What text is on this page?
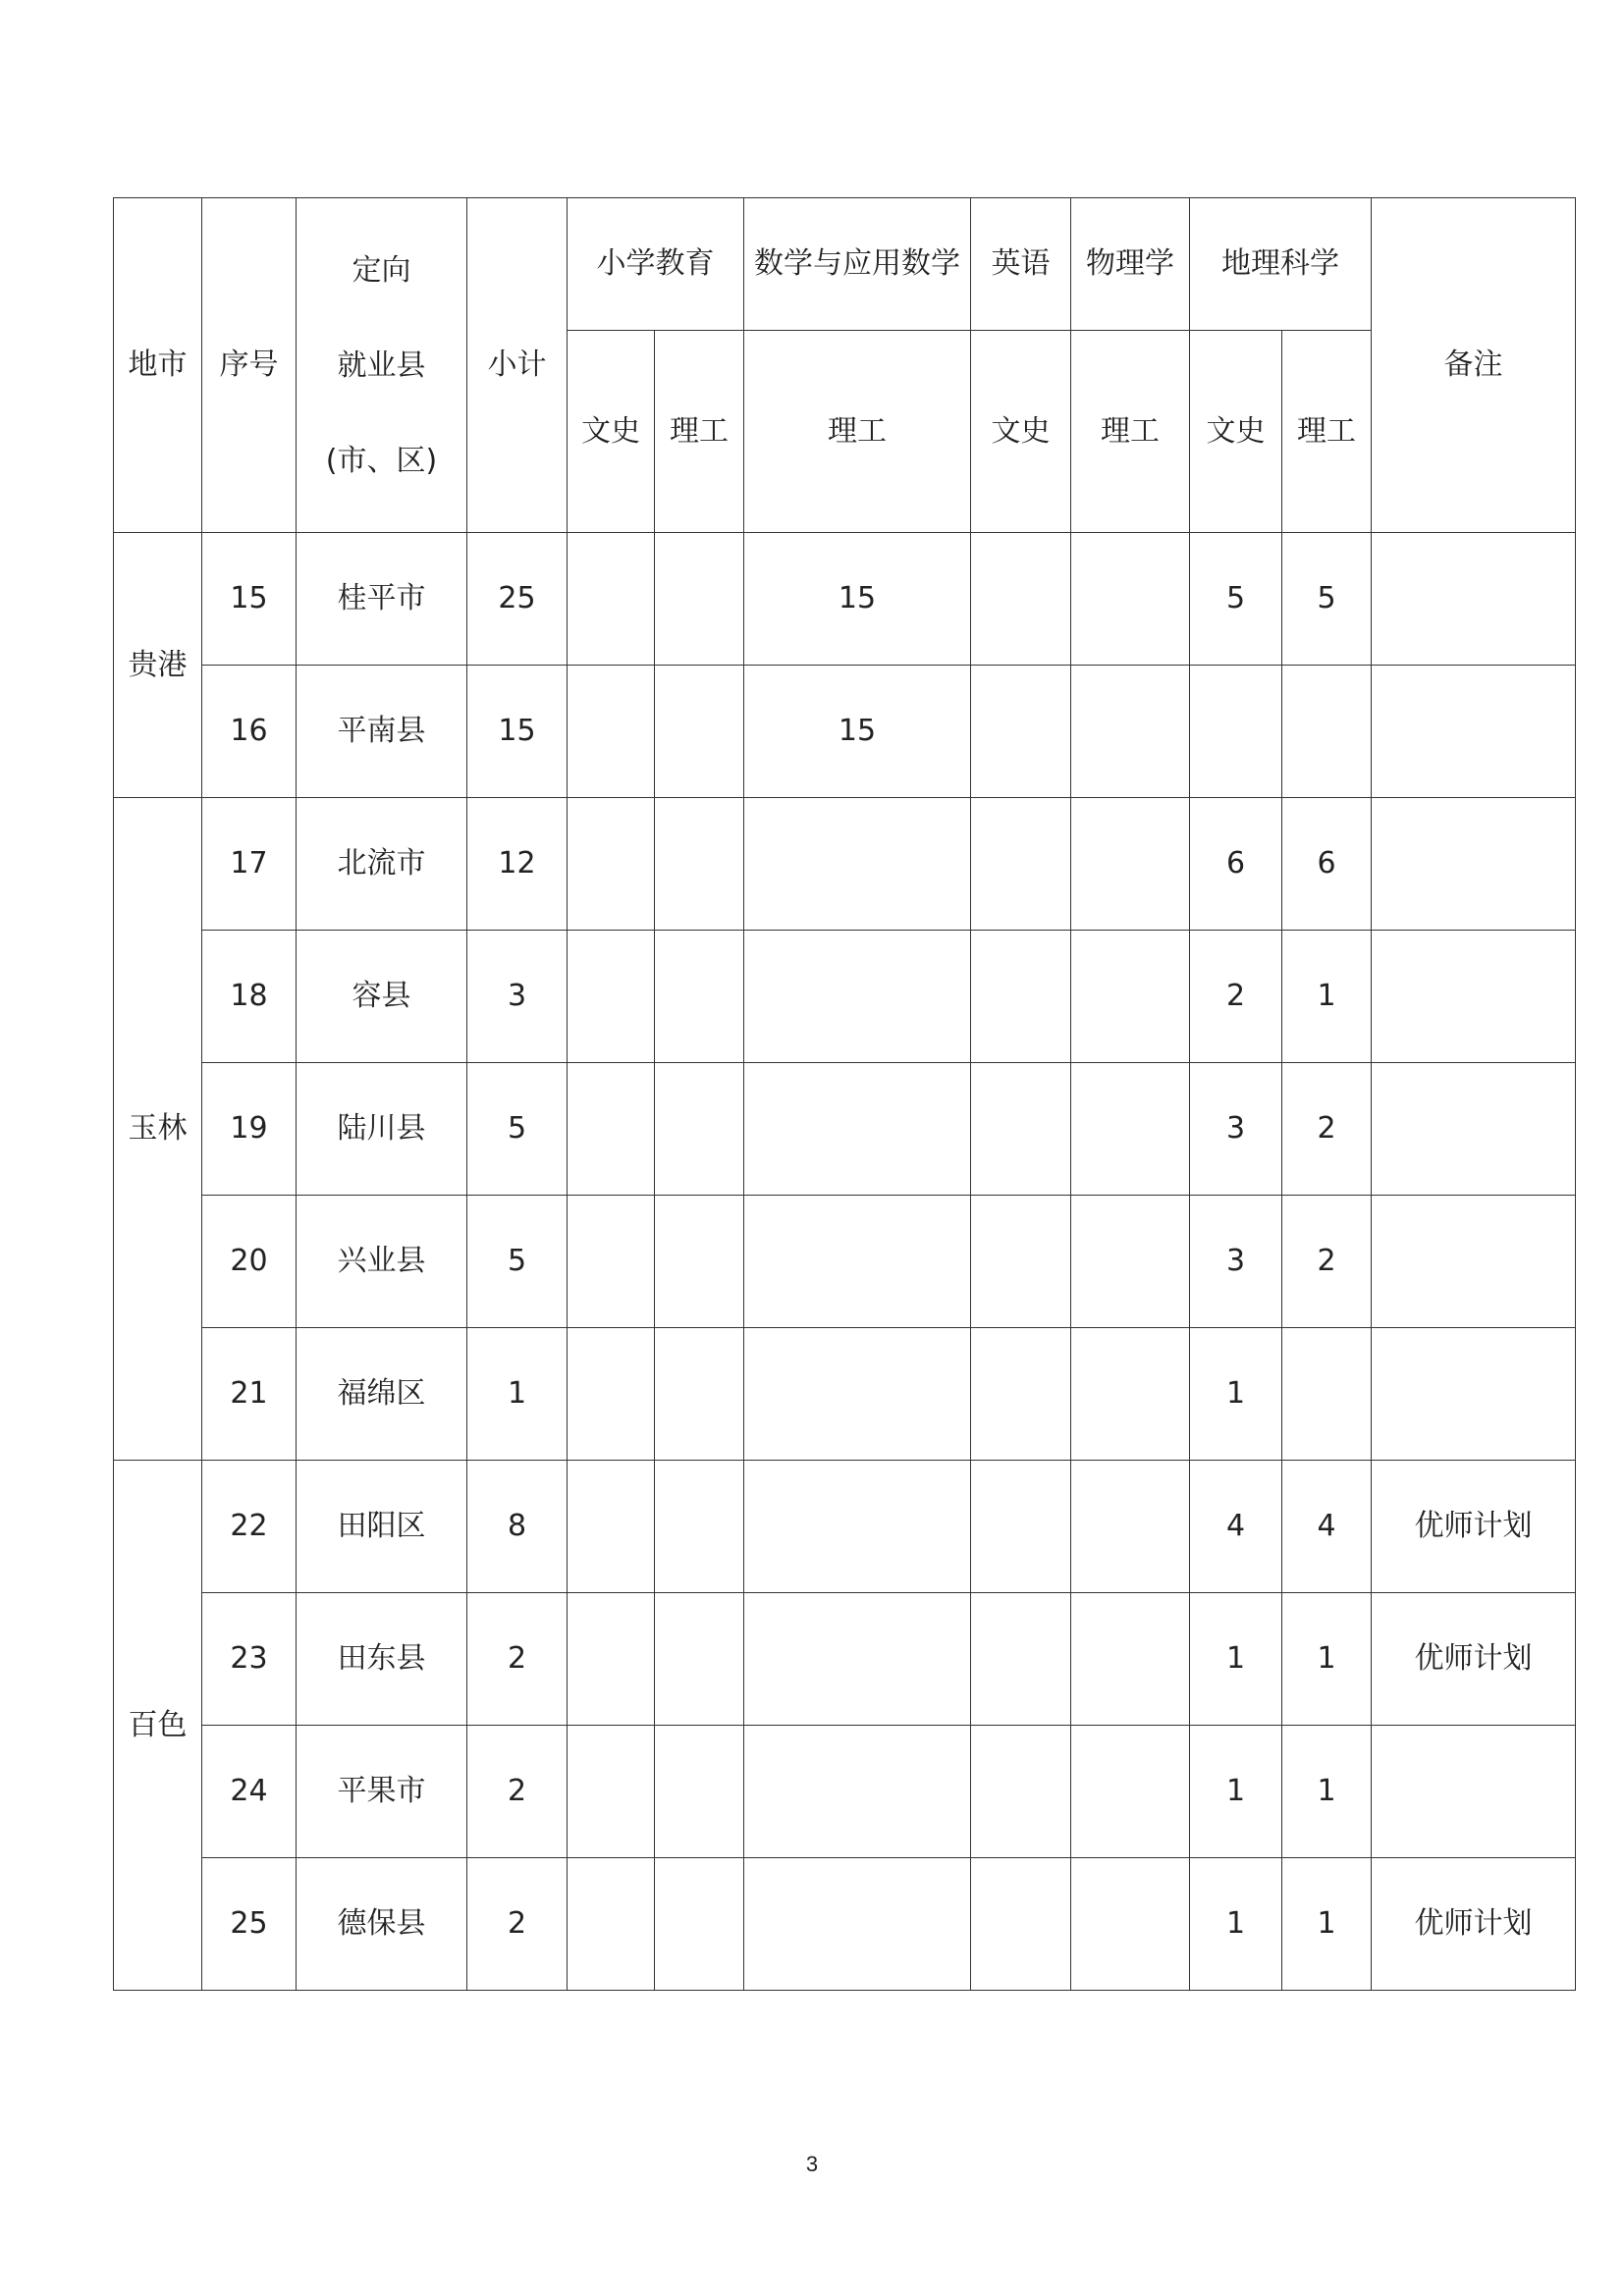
地市	序号	定向
就业县
(市、区)	小计	小学教育		数学与应用数学	英语	物理学	地理科学		备注
				文史	理工	理工	文史	理工	文史	理工	
贵港	15	桂平市	25			15			5	5	
	16	平南县	15			15					
玉林	17	北流市	12						6	6	
	18	容县	3						2	1	
	19	陆川县	5						3	2	
	20	兴业县	5						3	2	
	21	福绵区	1						1		
百色	22	田阳区	8						4	4	优师计划
	23	田东县	2						1	1	优师计划
	24	平果市	2						1	1	
	25	德保县	2						1	1	优师计划
3
